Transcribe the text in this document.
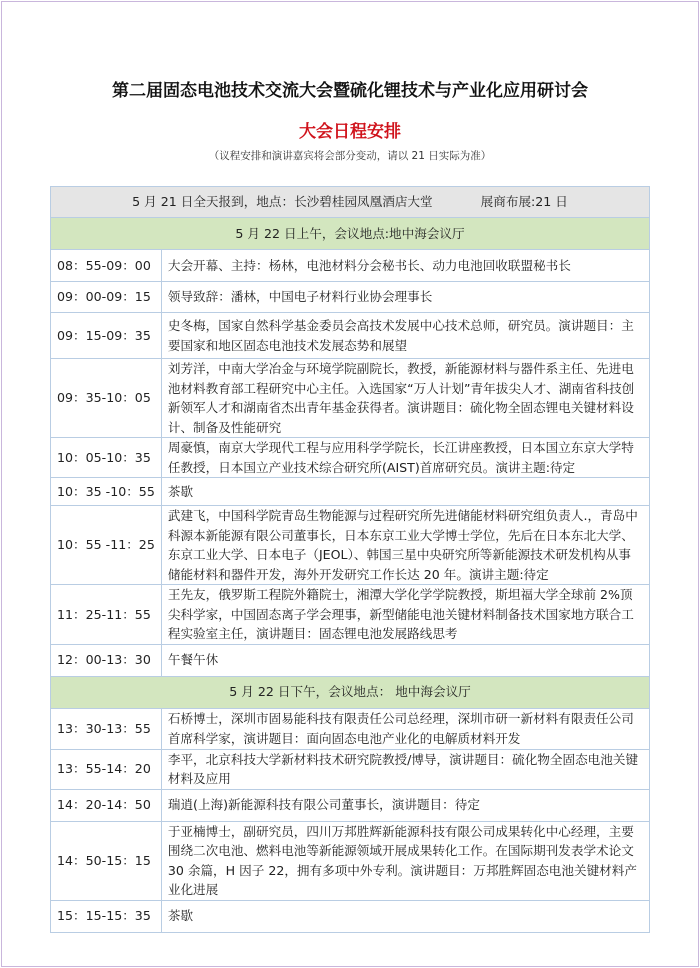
第二届固态电池技术交流大会暨硫化锂技术与产业化应用研讨会
大会日程安排
（议程安排和演讲嘉宾将会部分变动，请以 21 日实际为准）
5 月 21 日全天报到，地点：长沙碧桂园凤凰酒店大堂 展商布展:21 日	
5 月 22 日上午，会议地点:地中海会议厅	
08：55-09：00	大会开幕、主持：杨林，电池材料分会秘书长、动力电池回收联盟秘书长
09：00-09：15	领导致辞：潘林，中国电子材料行业协会理事长
09：15-09：35	史冬梅，国家自然科学基金委员会高技术发展中心技术总师，研究员。演讲题目：主要国家和地区固态电池技术发展态势和展望
09：35-10：05	刘芳洋，中南大学冶金与环境学院副院长，教授，新能源材料与器件系主任、先进电池材料教育部工程研究中心主任。入选国家“万人计划”青年拔尖人才、湖南省科技创新领军人才和湖南省杰出青年基金获得者。演讲题目：硫化物全固态锂电关键材料设计、制备及性能研究
10：05-10：35	周豪慎，南京大学现代工程与应用科学学院长，长江讲座教授，日本国立东京大学特任教授，日本国立产业技术综合研究所(AIST)首席研究员。演讲主题:待定
10：35 -10：55	茶歇
10：55 -11：25	武建飞，中国科学院青岛生物能源与过程研究所先进储能材料研究组负责人.，青岛中科源本新能源有限公司董事长，日本东京工业大学博士学位，先后在日本东北大学、东京工业大学、日本电子（JEOL）、韩国三星中央研究所等新能源技术研发机构从事储能材料和器件开发，海外开发研究工作长达 20 年。演讲主题:待定
11：25-11：55	王先友，俄罗斯工程院外籍院士，湘潭大学化学学院教授，斯坦福大学全球前 2%顶尖科学家，中国固态离子学会理事，新型储能电池关键材料制备技术国家地方联合工程实验室主任，演讲题目：固态锂电池发展路线思考
12：00-13：30	午餐午休
5 月 22 日下午，会议地点： 地中海会议厅	
13：30-13：55	石桥博士，深圳市固易能科技有限责任公司总经理，深圳市研一新材料有限责任公司首席科学家，演讲题目：面向固态电池产业化的电解质材料开发
13：55-14：20	李平，北京科技大学新材料技术研究院教授/博导，演讲题目：硫化物全固态电池关键材料及应用
14：20-14：50	瑞逍(上海)新能源科技有限公司董事长，演讲题目：待定
14：50-15：15	于亚楠博士，副研究员，四川万邦胜辉新能源科技有限公司成果转化中心经理，主要围绕二次电池、燃料电池等新能源领域开展成果转化工作。在国际期刊发表学术论文 30 余篇，H 因子 22，拥有多项中外专利。演讲题目：万邦胜辉固态电池关键材料产业化进展
15：15-15：35	茶歇
